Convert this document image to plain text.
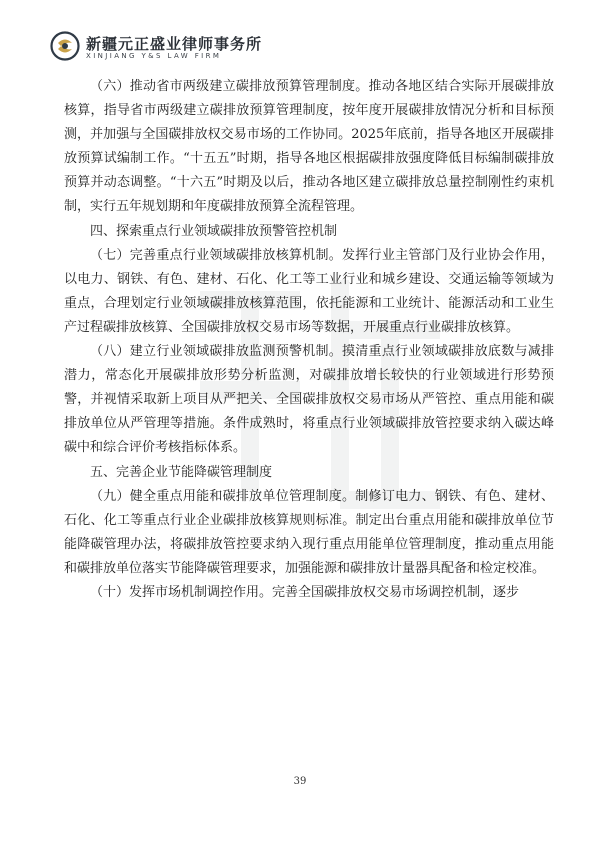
新疆元正盛业律师事务所
XINJIANG Y&S LAW FIRM

（六）推动省市两级建立碳排放预算管理制度。推动各地区结合实际开展碳排放核算，指导省市两级建立碳排放预算管理制度，按年度开展碳排放情况分析和目标预测，并加强与全国碳排放权交易市场的工作协同。2025年底前，指导各地区开展碳排放预算试编制工作。“十五五”时期，指导各地区根据碳排放强度降低目标编制碳排放预算并动态调整。“十六五”时期及以后，推动各地区建立碳排放总量控制刚性约束机制，实行五年规划期和年度碳排放预算全流程管理。

四、探索重点行业领域碳排放预警管控机制

（七）完善重点行业领域碳排放核算机制。发挥行业主管部门及行业协会作用，以电力、钢铁、有色、建材、石化、化工等工业行业和城乡建设、交通运输等领域为重点，合理划定行业领域碳排放核算范围，依托能源和工业统计、能源活动和工业生产过程碳排放核算、全国碳排放权交易市场等数据，开展重点行业碳排放核算。

（八）建立行业领域碳排放监测预警机制。摸清重点行业领域碳排放底数与减排潜力，常态化开展碳排放形势分析监测，对碳排放增长较快的行业领域进行形势预警，并视情采取新上项目从严把关、全国碳排放权交易市场从严管控、重点用能和碳排放单位从严管理等措施。条件成熟时，将重点行业领域碳排放管控要求纳入碳达峰碳中和综合评价考核指标体系。

五、完善企业节能降碳管理制度

（九）健全重点用能和碳排放单位管理制度。制修订电力、钢铁、有色、建材、石化、化工等重点行业企业碳排放核算规则标准。制定出台重点用能和碳排放单位节能降碳管理办法，将碳排放管控要求纳入现行重点用能单位管理制度，推动重点用能和碳排放单位落实节能降碳管理要求，加强能源和碳排放计量器具配备和检定校准。

（十）发挥市场机制调控作用。完善全国碳排放权交易市场调控机制，逐步

39
